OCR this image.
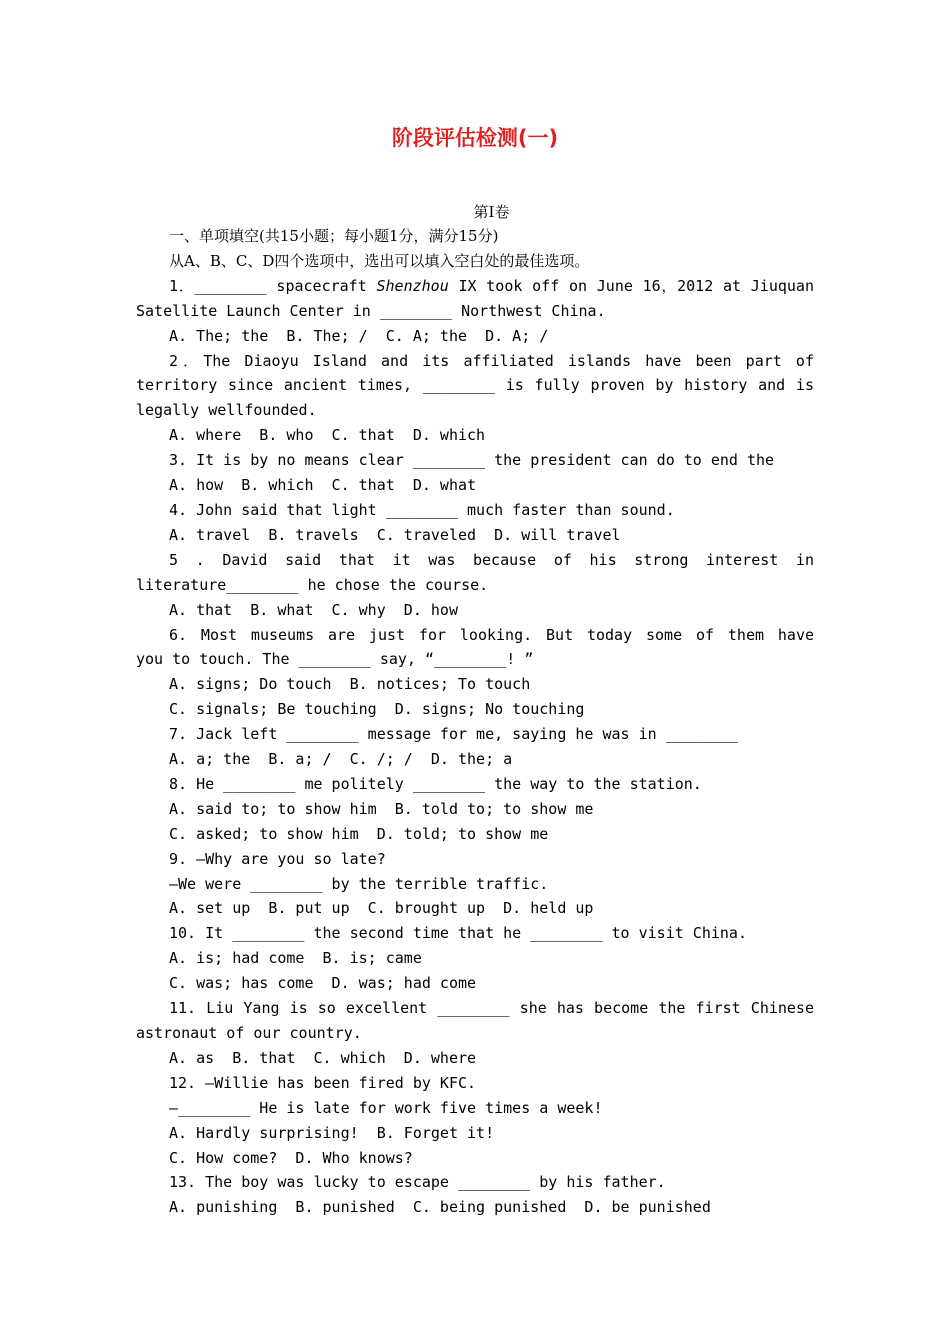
阶段评估检测(一)
第Ⅰ卷
一、单项填空(共15小题；每小题1分，满分15分)
从A、B、C、D四个选项中，选出可以填入空白处的最佳选项。
1．________ spacecraft Shenzhou IX took off on June 16，2012 at Jiuquan
Satellite Launch Center in ________ Northwest China.
A. The; the  B. The; /  C. A; the  D. A; /
2．The Diaoyu Island and its affiliated islands have been part of
territory since ancient times, ________ is fully proven by history and is
legally wellfounded.
A. where  B. who  C. that  D. which
3. It is by no means clear ________ the president can do to end the
A. how  B. which  C. that  D. what
4. John said that light ________ much faster than sound.
A. travel  B. travels  C. traveled  D. will travel
5 . David said that it was because of his strong interest in
literature________ he chose the course.
A. that  B. what  C. why  D. how
6. Most museums are just for looking. But today some of them have
you to touch. The ________ say, “________! ”
A. signs; Do touch  B. notices; To touch
C. signals; Be touching  D. signs; No touching
7. Jack left ________ message for me, saying he was in ________
A. a; the  B. a; /  C. /; /  D. the; a
8. He ________ me politely ________ the way to the station.
A. said to; to show him  B. told to; to show me
C. asked; to show him  D. told; to show me
9. —Why are you so late?
—We were ________ by the terrible traffic.
A. set up  B. put up  C. brought up  D. held up
10. It ________ the second time that he ________ to visit China.
A. is; had come  B. is; came
C. was; has come  D. was; had come
11. Liu Yang is so excellent ________ she has become the first Chinese
astronaut of our country.
A. as  B. that  C. which  D. where
12. —Willie has been fired by KFC.
—________ He is late for work five times a week!
A. Hardly surprising!  B. Forget it!
C. How come?  D. Who knows?
13. The boy was lucky to escape ________ by his father.
A. punishing  B. punished  C. being punished  D. be punished
